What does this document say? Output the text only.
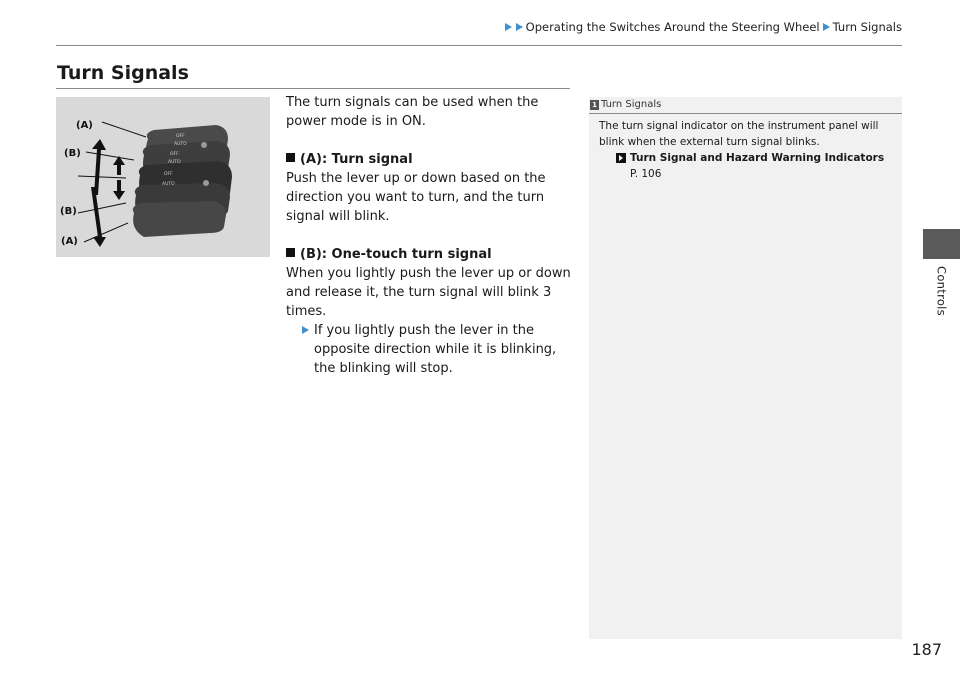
Operating the Switches Around the Steering Wheel Turn Signals
Controls
Turn Signals
OFF
AUTO
OFF
AUTO
OFF
AUTO
(A)
(B)
(B)
(A)

The turn signals can be used when the power mode is in ON.

(A): Turn signal

Push the lever up or down based on the direction you want to turn, and the turn signal will blink.

(B): One-touch turn signal

When you lightly push the lever up or down and release it, the turn signal will blink 3 times.

If you lightly push the lever in the opposite direction while it is blinking, the blinking will stop.
1 Turn Signals
The turn signal indicator on the instrument panel will blink when the external turn signal blinks.
Turn Signal and Hazard Warning Indicators
P. 106
187
